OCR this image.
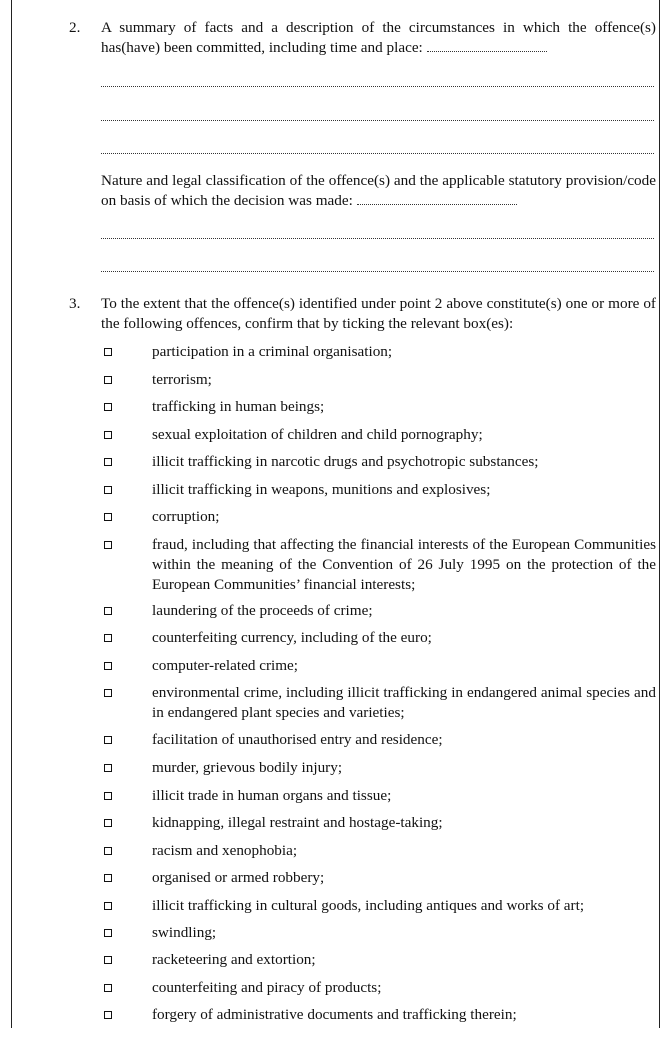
2. A summary of facts and a description of the circumstances in which the offence(s) has(have) been committed, including time and place:
Nature and legal classification of the offence(s) and the applicable statutory provision/code on basis of which the decision was made:
3. To the extent that the offence(s) identified under point 2 above constitute(s) one or more of the following offences, confirm that by ticking the relevant box(es):
participation in a criminal organisation;
terrorism;
trafficking in human beings;
sexual exploitation of children and child pornography;
illicit trafficking in narcotic drugs and psychotropic substances;
illicit trafficking in weapons, munitions and explosives;
corruption;
fraud, including that affecting the financial interests of the European Communities within the meaning of the Convention of 26 July 1995 on the protection of the European Communities’ financial interests;
laundering of the proceeds of crime;
counterfeiting currency, including of the euro;
computer-related crime;
environmental crime, including illicit trafficking in endangered animal species and in endangered plant species and varieties;
facilitation of unauthorised entry and residence;
murder, grievous bodily injury;
illicit trade in human organs and tissue;
kidnapping, illegal restraint and hostage-taking;
racism and xenophobia;
organised or armed robbery;
illicit trafficking in cultural goods, including antiques and works of art;
swindling;
racketeering and extortion;
counterfeiting and piracy of products;
forgery of administrative documents and trafficking therein;
